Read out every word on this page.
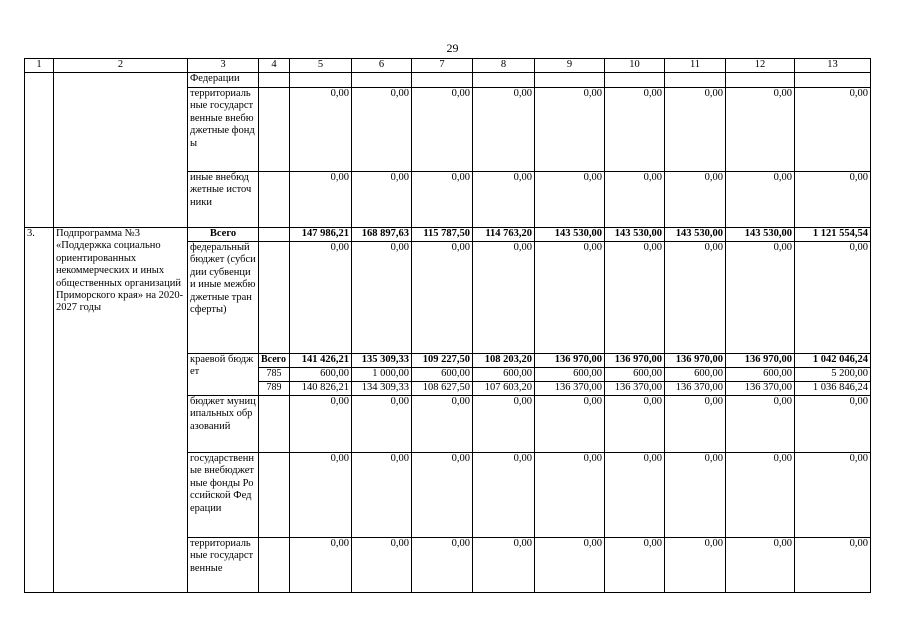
29
1	2	3	4	5	6	7	8	9	10	11	12	13
		Федерации										
		территориальные государственные внебюджетные фонды		0,00	0,00	0,00	0,00	0,00	0,00	0,00	0,00	0,00
		иные внебюджетные источники		0,00	0,00	0,00	0,00	0,00	0,00	0,00	0,00	0,00
3.	Подпрограмма №3 «Поддержка социально ориентированных некоммерческих и иных общественных организаций Приморского края» на 2020-2027 годы	Всего		147 986,21	168 897,63	115 787,50	114 763,20	143 530,00	143 530,00	143 530,00	143 530,00	1 121 554,54
		федеральный бюджет (субсидии субвенции иные межбюджетные трансферты)		0,00	0,00	0,00	0,00	0,00	0,00	0,00	0,00	0,00
		краевой бюджет	Всего	141 426,21	135 309,33	109 227,50	108 203,20	136 970,00	136 970,00	136 970,00	136 970,00	1 042 046,24
			785	600,00	1 000,00	600,00	600,00	600,00	600,00	600,00	600,00	5 200,00
			789	140 826,21	134 309,33	108 627,50	107 603,20	136 370,00	136 370,00	136 370,00	136 370,00	1 036 846,24
		бюджет муниципальных образований		0,00	0,00	0,00	0,00	0,00	0,00	0,00	0,00	0,00
		государственные внебюджетные фонды Российской Федерации		0,00	0,00	0,00	0,00	0,00	0,00	0,00	0,00	0,00
		территориальные государственные		0,00	0,00	0,00	0,00	0,00	0,00	0,00	0,00	0,00
